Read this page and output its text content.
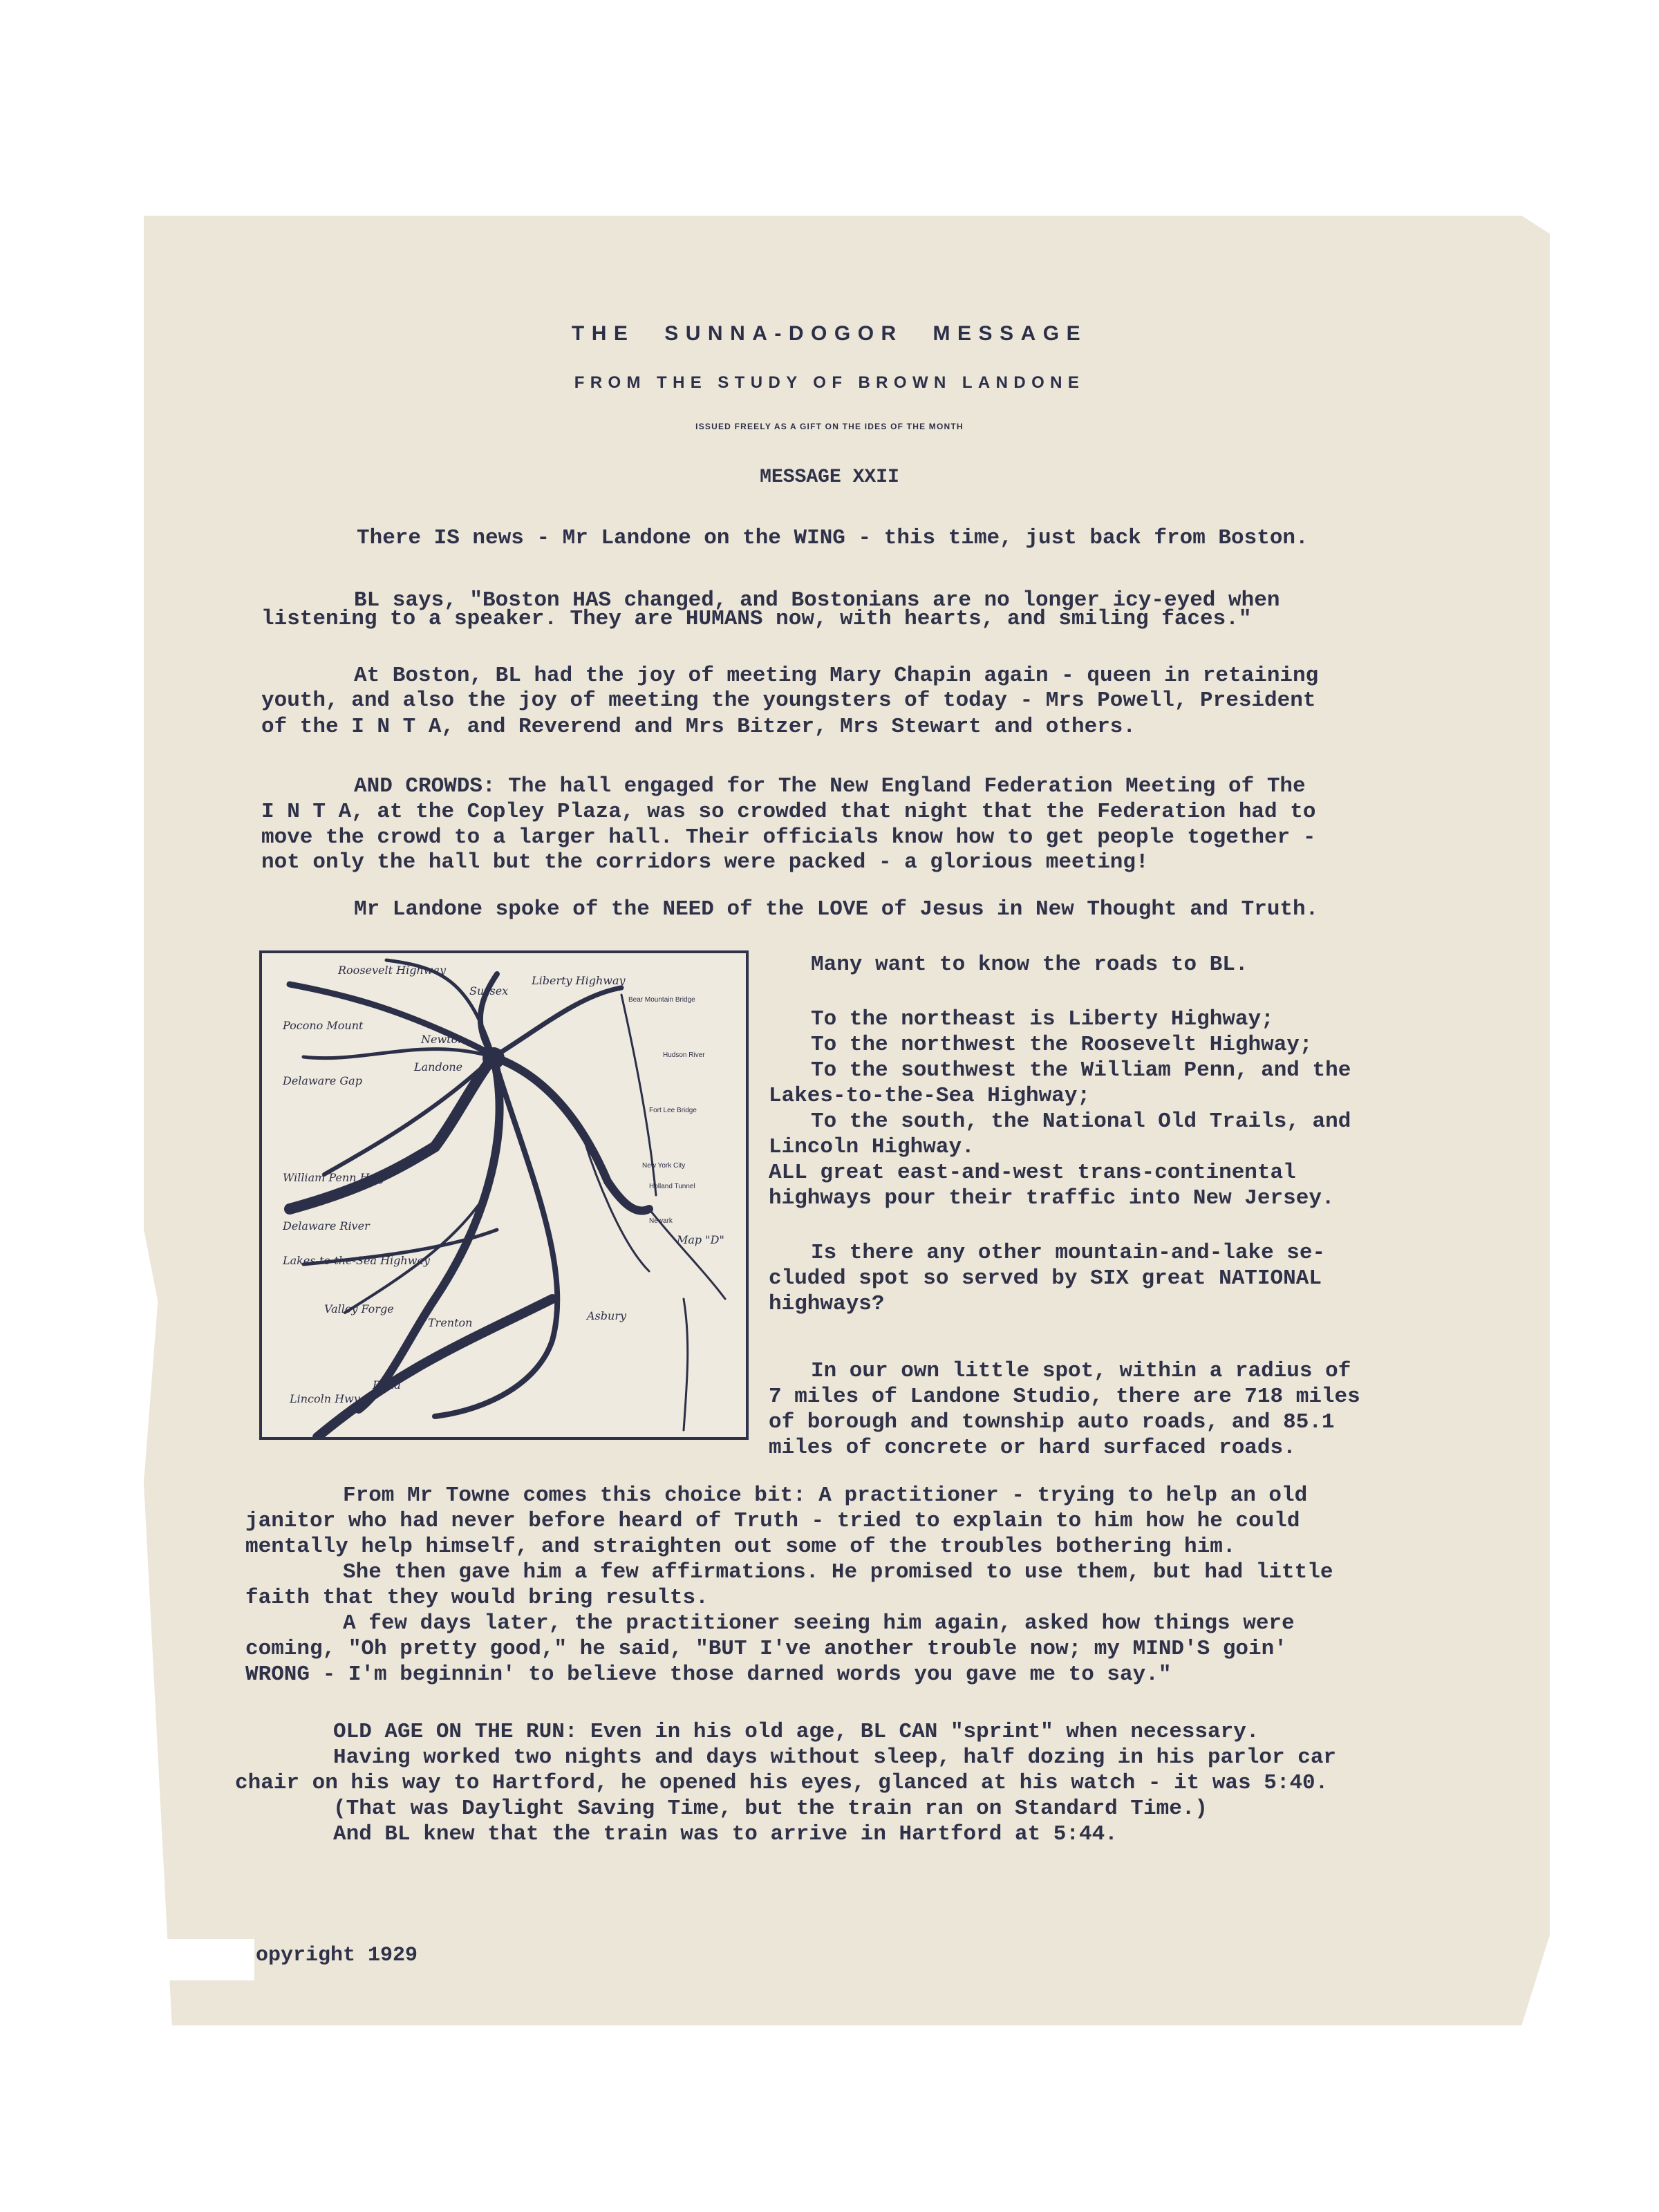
THE SUNNA-DOGOR MESSAGE
FROM THE STUDY OF BROWN LANDONE
ISSUED FREELY AS A GIFT ON THE IDES OF THE MONTH
MESSAGE XXII
There IS news - Mr Landone on the WING - this time, just back from Boston.
BL says, "Boston HAS changed, and Bostonians are no longer icy-eyed when
listening to a speaker. They are HUMANS now, with hearts, and smiling faces."
At Boston, BL had the joy of meeting Mary Chapin again - queen in retaining
youth, and also the joy of meeting the youngsters of today - Mrs Powell, President
of the I N T A, and Reverend and Mrs Bitzer, Mrs Stewart and others.
AND CROWDS: The hall engaged for The New England Federation Meeting of The
I N T A, at the Copley Plaza, was so crowded that night that the Federation had to
move the crowd to a larger hall. Their officials know how to get people together -
not only the hall but the corridors were packed - a glorious meeting!
Mr Landone spoke of the NEED of the LOVE of Jesus in New Thought and Truth.
Roosevelt Highway
Liberty Highway
Pocono Mount
Sussex
Newton
Landone
Delaware Gap
Bear Mountain Bridge
Hudson River
Fort Lee Bridge
New York City
Holland Tunnel
Newark
William Penn Hwy
Delaware River
Lakes-to-the-Sea Highway
Valley Forge
Trenton
Asbury
Phila
Lincoln Hwy
Map "D"
Many want to know the roads to BL.
To the northeast is Liberty Highway;
To the northwest the Roosevelt Highway;
To the southwest the William Penn, and the
Lakes-to-the-Sea Highway;
To the south, the National Old Trails, and
Lincoln Highway.
ALL great east-and-west trans-continental
highways pour their traffic into New Jersey.
Is there any other mountain-and-lake se-
cluded spot so served by SIX great NATIONAL
highways?
In our own little spot, within a radius of
7 miles of Landone Studio, there are 718 miles
of borough and township auto roads, and 85.1
miles of concrete or hard surfaced roads.
From Mr Towne comes this choice bit: A practitioner - trying to help an old
janitor who had never before heard of Truth - tried to explain to him how he could
mentally help himself, and straighten out some of the troubles bothering him.
She then gave him a few affirmations. He promised to use them, but had little
faith that they would bring results.
A few days later, the practitioner seeing him again, asked how things were
coming, "Oh pretty good," he said, "BUT I've another trouble now; my MIND'S goin'
WRONG - I'm beginnin' to believe those darned words you gave me to say."
OLD AGE ON THE RUN: Even in his old age, BL CAN "sprint" when necessary.
Having worked two nights and days without sleep, half dozing in his parlor car
chair on his way to Hartford, he opened his eyes, glanced at his watch - it was 5:40.
(That was Daylight Saving Time, but the train ran on Standard Time.)
And BL knew that the train was to arrive in Hartford at 5:44.
opyright 1929
